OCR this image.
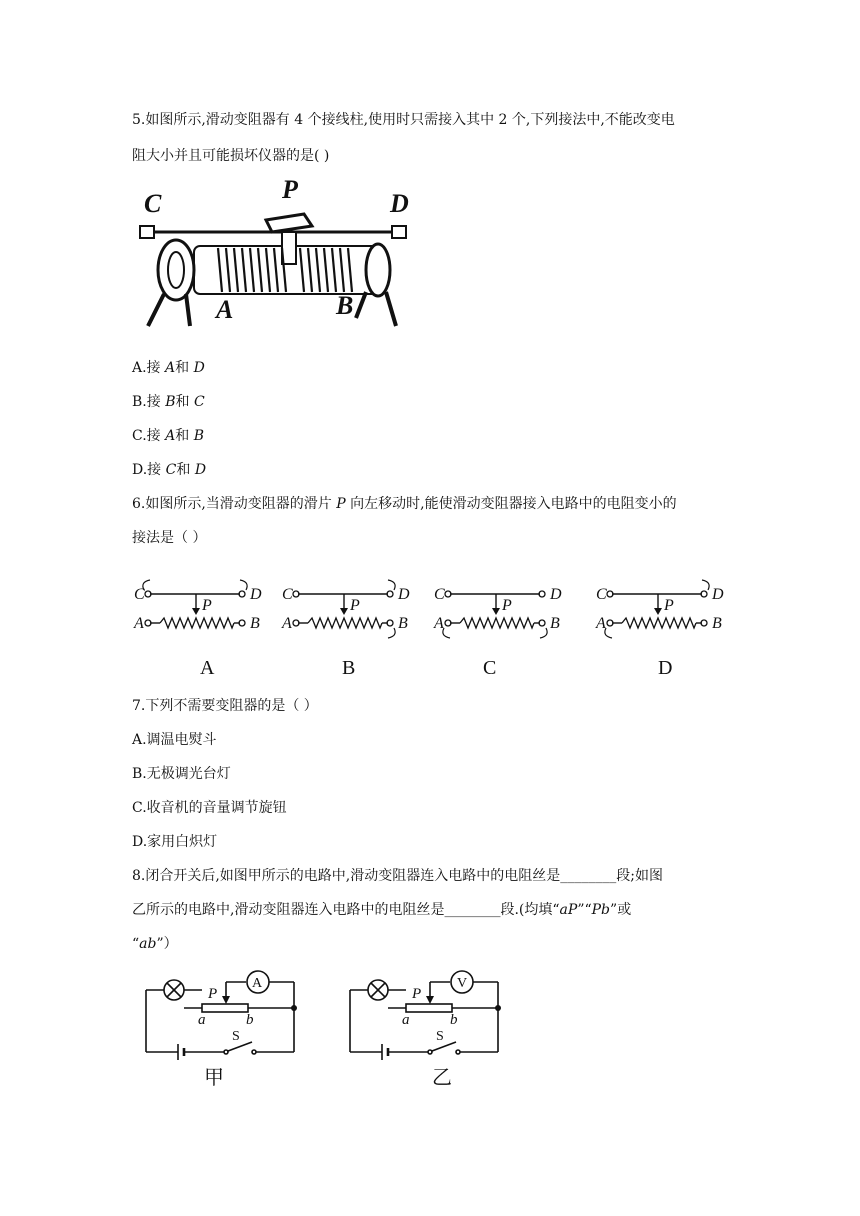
5.如图所示,滑动变阻器有 4 个接线柱,使用时只需接入其中 2 个,下列接法中,不能改变电
阻大小并且可能损坏仪器的是( )
C	P	D
A	B
A.接 A和 D
B.接 B和 C
C.接 A和 B
D.接 C和 D
6.如图所示,当滑动变阻器的滑片 P 向左移动时,能使滑动变阻器接入电路中的电阻变小的
接法是（ ）
C	D
A	B
P
C	D
A	B
P
C	D
A	B
P
C	D
A	B
P
A	B	C	D
7.下列不需要变阻器的是（ ）
A.调温电熨斗
B.无极调光台灯
C.收音机的音量调节旋钮
D.家用白炽灯
8.闭合开关后,如图甲所示的电路中,滑动变阻器连入电路中的电阻丝是________段;如图
乙所示的电路中,滑动变阻器连入电路中的电阻丝是________段.(均填“aP”“Pb”或
“ab”）
P
a	b
A
S
甲
P
a	b
V
S
乙
